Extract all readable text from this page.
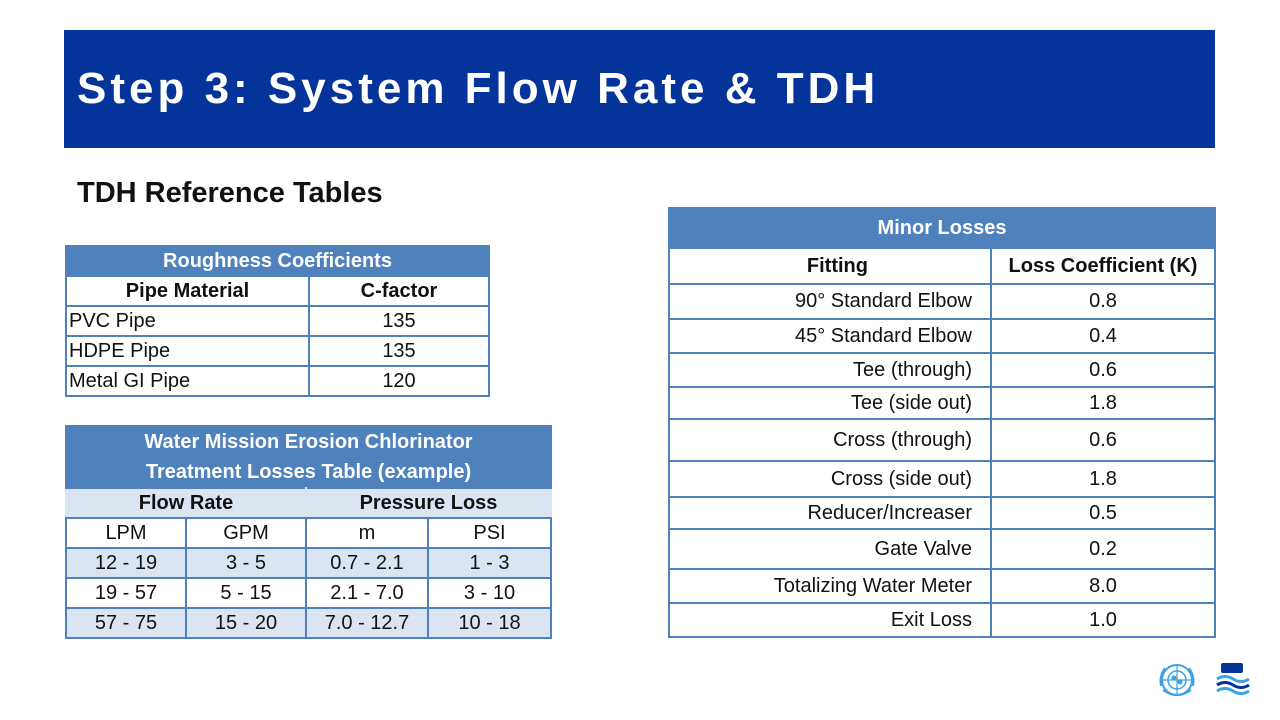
Step 3: System Flow Rate & TDH
TDH Reference Tables
Roughness Coefficients	
Pipe Material	C-factor
PVC Pipe	135
HDPE Pipe	135
Metal GI Pipe	120
Water Mission Erosion Chlorinator
Treatment Losses Table (example)			

Flow Rate		Pressure Loss	
LPM	GPM	m	PSI
12 - 19	3 - 5	0.7 - 2.1	1 - 3
19 - 57	5 - 15	2.1 - 7.0	3 - 10
57 - 75	15 - 20	7.0 - 12.7	10 - 18
Minor Losses	
Fitting	Loss Coefficient (K)
90° Standard Elbow	0.8
45° Standard Elbow	0.4
Tee (through)	0.6
Tee (side out)	1.8
Cross (through)	0.6
Cross (side out)	1.8
Reducer/Increaser	0.5
Gate Valve	0.2
Totalizing Water Meter	8.0
Exit Loss	1.0
